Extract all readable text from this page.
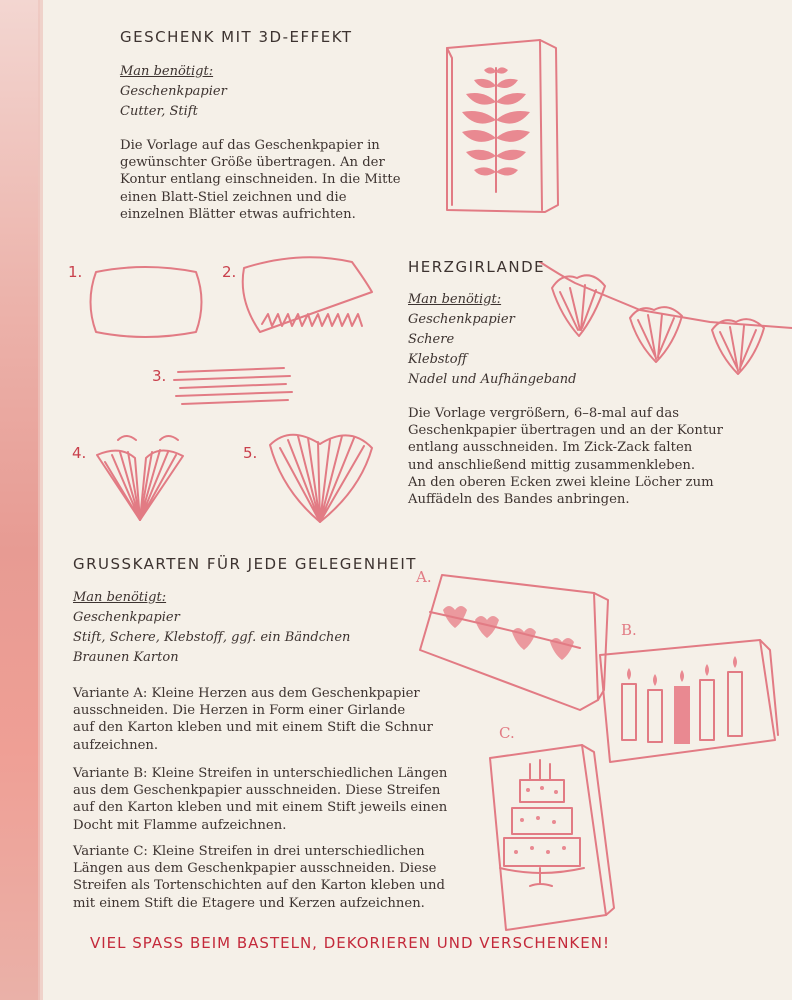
GESCHENK MIT 3D-EFFEKT
Man benötigt:
Geschenkpapier
Cutter, Stift
Die Vorlage auf das Geschenkpapier in
gewünschter Größe übertragen. An der
Kontur entlang einschneiden. In die Mitte
einen Blatt-Stiel zeichnen und die
einzelnen Blätter etwas aufrichten.
1.	2.
3.
4.	5.
HERZGIRLANDE
Man benötigt:
Geschenkpapier
Schere
Klebstoff
Nadel und Aufhängeband
Die Vorlage vergrößern, 6–8-mal auf das
Geschenkpapier übertragen und an der Kontur
entlang ausschneiden. Im Zick-Zack falten
und anschließend mittig zusammenkleben.
An den oberen Ecken zwei kleine Löcher zum
Auffädeln des Bandes anbringen.
GRUSSKARTEN FÜR JEDE GELEGENHEIT
Man benötigt:
Geschenkpapier
Stift, Schere, Klebstoff, ggf. ein Bändchen
Braunen Karton
Variante A: Kleine Herzen aus dem Geschenkpapier
ausschneiden. Die Herzen in Form einer Girlande
auf den Karton kleben und mit einem Stift die Schnur
aufzeichnen.
Variante B: Kleine Streifen in unterschiedlichen Längen
aus dem Geschenkpapier ausschneiden. Diese Streifen
auf den Karton kleben und mit einem Stift jeweils einen
Docht mit Flamme aufzeichnen.
Variante C: Kleine Streifen in drei unterschiedlichen
Längen aus dem Geschenkpapier ausschneiden. Diese
Streifen als Tortenschichten auf den Karton kleben und
mit einem Stift die Etagere und Kerzen aufzeichnen.
A.
B.
C.
VIEL SPASS BEIM BASTELN, DEKORIEREN UND VERSCHENKEN!
